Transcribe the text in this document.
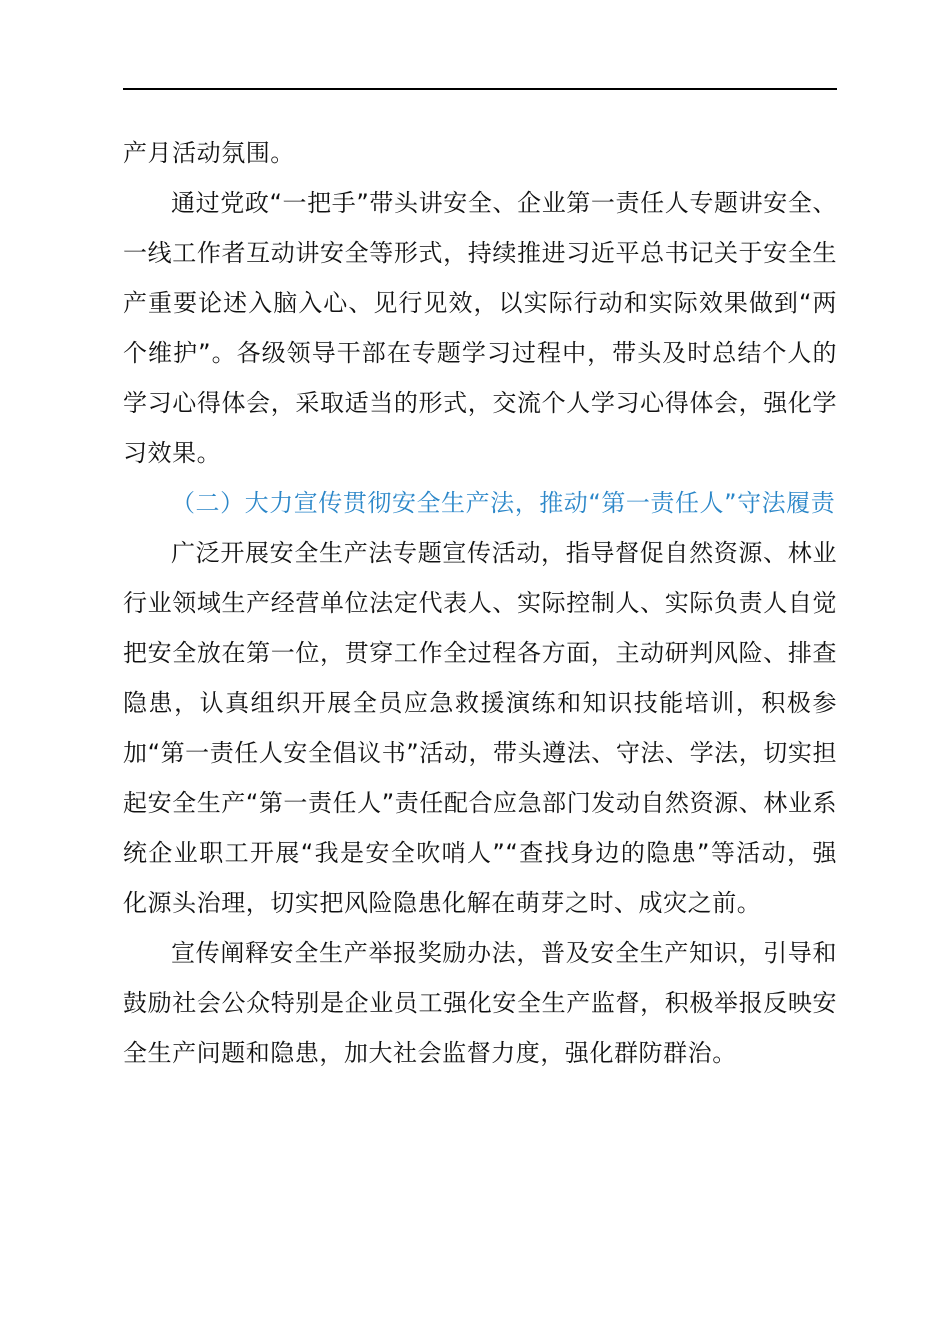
产月活动氛围。

通过党政“一把手”带头讲安全、企业第一责任人专题讲安全、一线工作者互动讲安全等形式，持续推进习近平总书记关于安全生产重要论述入脑入心、见行见效，以实际行动和实际效果做到“两个维护”。各级领导干部在专题学习过程中，带头及时总结个人的学习心得体会，采取适当的形式，交流个人学习心得体会，强化学习效果。

（二）大力宣传贯彻安全生产法，推动“第一责任人”守法履责

广泛开展安全生产法专题宣传活动，指导督促自然资源、林业行业领域生产经营单位法定代表人、实际控制人、实际负责人自觉把安全放在第一位，贯穿工作全过程各方面，主动研判风险、排查隐患，认真组织开展全员应急救援演练和知识技能培训，积极参加“第一责任人安全倡议书”活动，带头遵法、守法、学法，切实担起安全生产“第一责任人”责任配合应急部门发动自然资源、林业系统企业职工开展“我是安全吹哨人”“查找身边的隐患”等活动，强化源头治理，切实把风险隐患化解在萌芽之时、成灾之前。

宣传阐释安全生产举报奖励办法，普及安全生产知识，引导和鼓励社会公众特别是企业员工强化安全生产监督，积极举报反映安全生产问题和隐患，加大社会监督力度，强化群防群治。
